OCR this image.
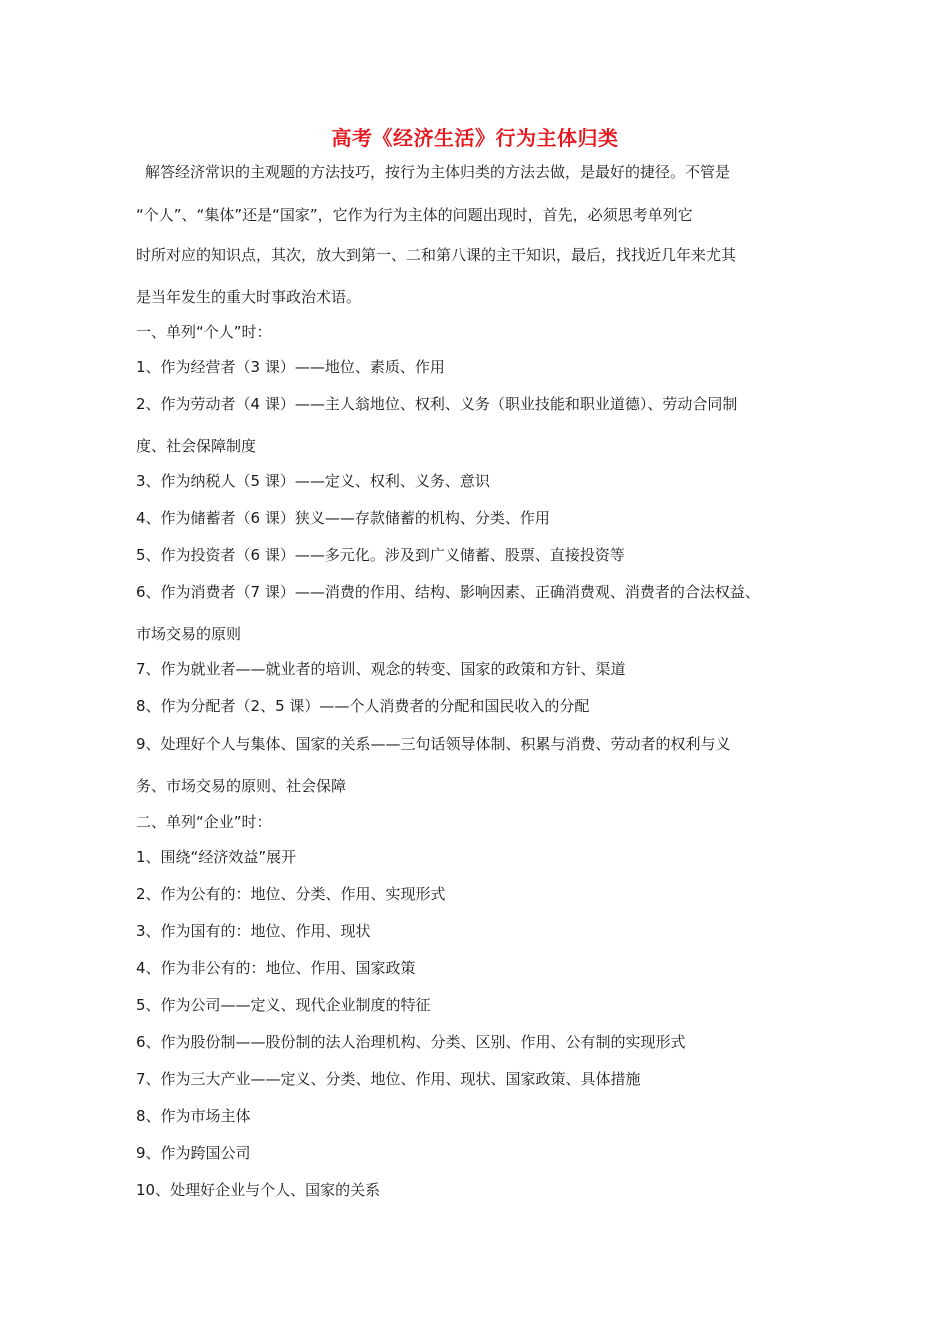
高考《经济生活》行为主体归类
解答经济常识的主观题的方法技巧，按行为主体归类的方法去做，是最好的捷径。不管是
“个人”、“集体”还是“国家”，它作为行为主体的问题出现时，首先，必须思考单列它
时所对应的知识点，其次，放大到第一、二和第八课的主干知识，最后，找找近几年来尤其
是当年发生的重大时事政治术语。
一、单列“个人”时：
1、作为经营者（3 课）——地位、素质、作用
2、作为劳动者（4 课）——主人翁地位、权利、义务（职业技能和职业道德）、劳动合同制
度、社会保障制度
3、作为纳税人（5 课）——定义、权利、义务、意识
4、作为储蓄者（6 课）狭义——存款储蓄的机构、分类、作用
5、作为投资者（6 课）——多元化。涉及到广义储蓄、股票、直接投资等
6、作为消费者（7 课）——消费的作用、结构、影响因素、正确消费观、消费者的合法权益、
市场交易的原则
7、作为就业者——就业者的培训、观念的转变、国家的政策和方针、渠道
8、作为分配者（2、5 课）——个人消费者的分配和国民收入的分配
9、处理好个人与集体、国家的关系——三句话领导体制、积累与消费、劳动者的权利与义
务、市场交易的原则、社会保障
二、单列“企业”时：
1、围绕“经济效益”展开
2、作为公有的：地位、分类、作用、实现形式
3、作为国有的：地位、作用、现状
4、作为非公有的：地位、作用、国家政策
5、作为公司——定义、现代企业制度的特征
6、作为股份制——股份制的法人治理机构、分类、区别、作用、公有制的实现形式
7、作为三大产业——定义、分类、地位、作用、现状、国家政策、具体措施
8、作为市场主体
9、作为跨国公司
10、处理好企业与个人、国家的关系
